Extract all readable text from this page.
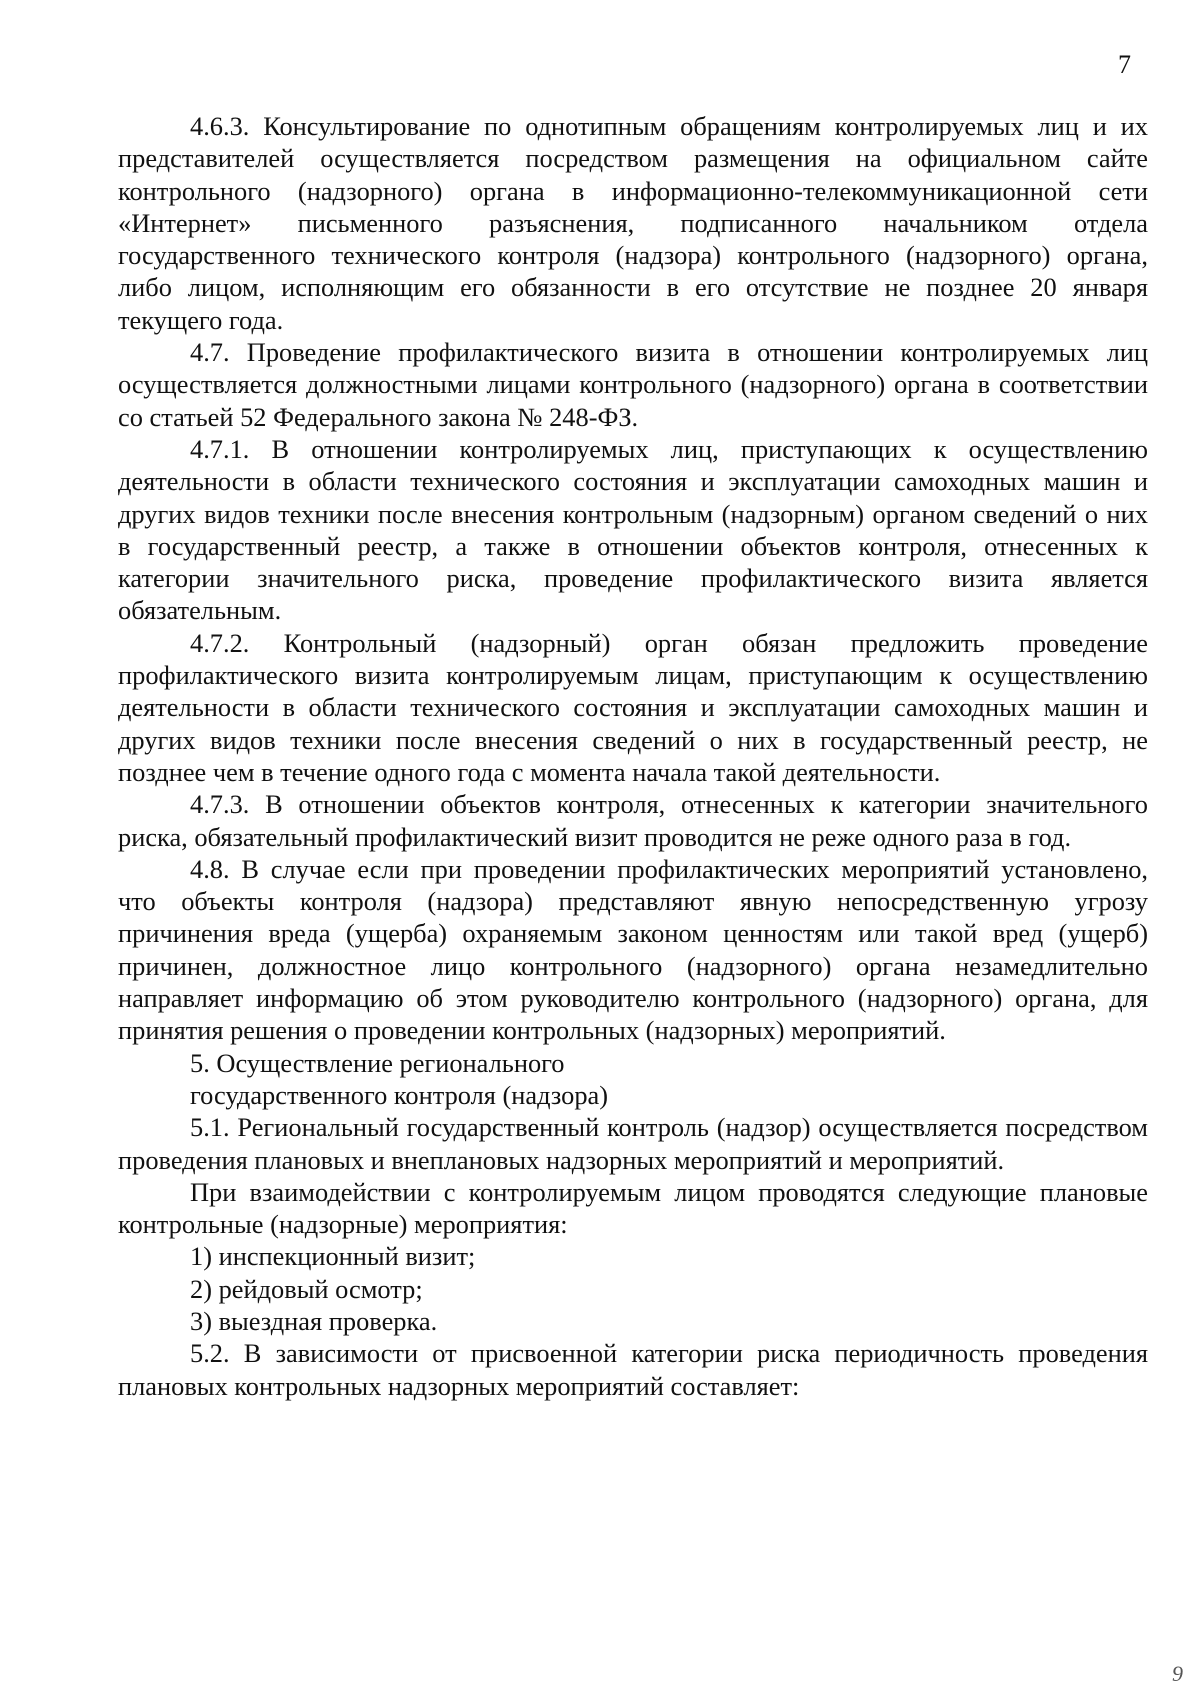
7

4.6.3. Консультирование по однотипным обращениям контролируемых лиц и их представителей осуществляется посредством размещения на официальном сайте контрольного (надзорного) органа в информационно-телекоммуникационной сети «Интернет» письменного разъяснения, подписанного начальником отдела государственного технического контроля (надзора) контрольного (надзорного) органа, либо лицом, исполняющим его обязанности в его отсутствие не позднее 20 января текущего года.

4.7. Проведение профилактического визита в отношении контролируемых лиц осуществляется должностными лицами контрольного (надзорного) органа в соответствии со статьей 52 Федерального закона № 248-ФЗ.

4.7.1. В отношении контролируемых лиц, приступающих к осуществлению деятельности в области технического состояния и эксплуатации самоходных машин и других видов техники после внесения контрольным (надзорным) органом сведений о них в государственный реестр, а также в отношении объектов контроля, отнесенных к категории значительного риска, проведение профилактического визита является обязательным.

4.7.2. Контрольный (надзорный) орган обязан предложить проведение профилактического визита контролируемым лицам, приступающим к осуществлению деятельности в области технического состояния и эксплуатации самоходных машин и других видов техники после внесения сведений о них в государственный реестр, не позднее чем в течение одного года с момента начала такой деятельности.

4.7.3. В отношении объектов контроля, отнесенных к категории значительного риска, обязательный профилактический визит проводится не реже одного раза в год.

4.8. В случае если при проведении профилактических мероприятий установлено, что объекты контроля (надзора) представляют явную непосредственную угрозу причинения вреда (ущерба) охраняемым законом ценностям или такой вред (ущерб) причинен, должностное лицо контрольного (надзорного) органа незамедлительно направляет информацию об этом руководителю контрольного (надзорного) органа, для принятия решения о проведении контрольных (надзорных) мероприятий.

5. Осуществление регионального
государственного контроля (надзора)

5.1. Региональный государственный контроль (надзор) осуществляется посредством проведения плановых и внеплановых надзорных мероприятий и мероприятий.

При взаимодействии с контролируемым лицом проводятся следующие плановые контрольные (надзорные) мероприятия:

1) инспекционный визит;

2) рейдовый осмотр;

3) выездная проверка.

5.2. В зависимости от присвоенной категории риска периодичность проведения плановых контрольных надзорных мероприятий составляет:

9
